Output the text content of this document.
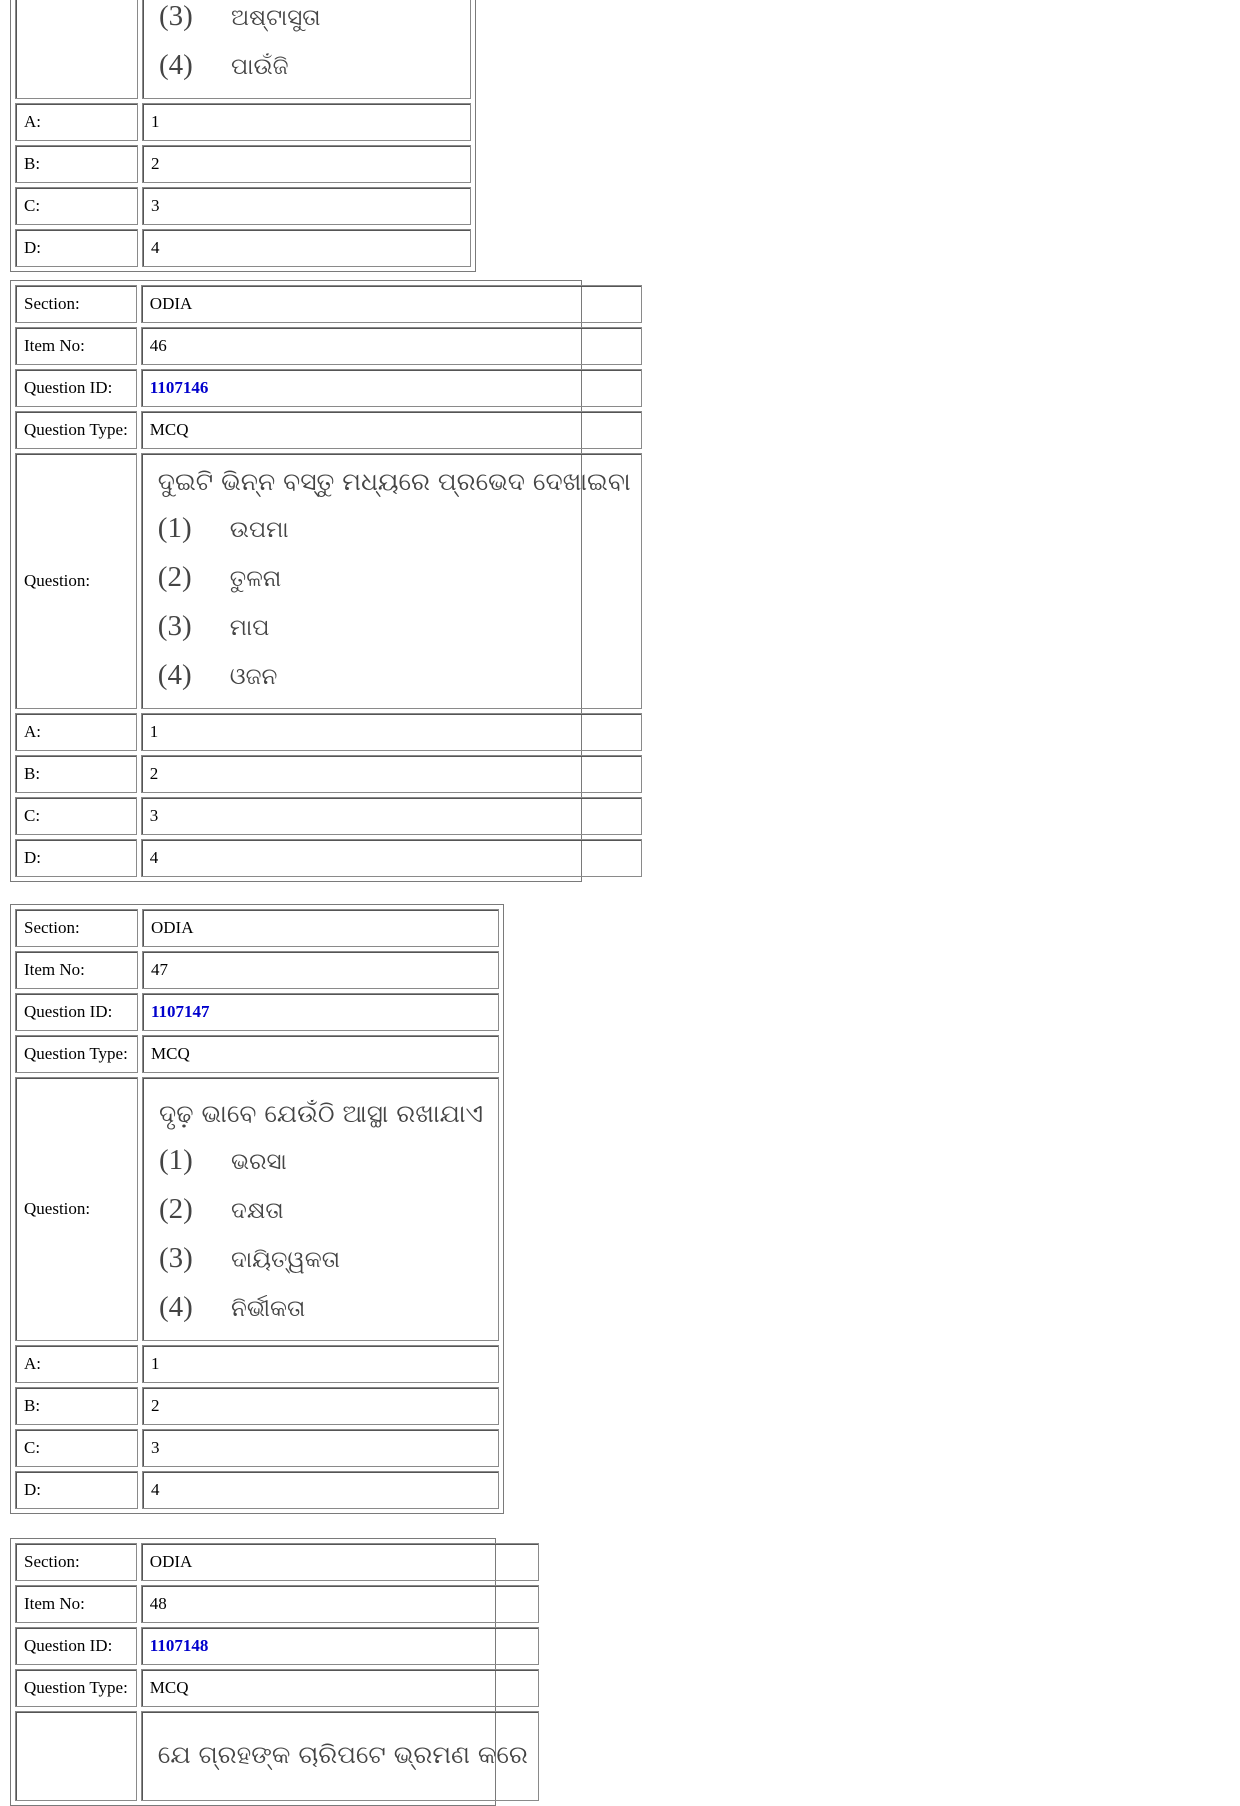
	(3) ଅଷ୍ଟାସୁତା
(4) ପାଉଁଜି

A:	1
B:	2
C:	3
D:	4
Section:	ODIA
Item No:	46
Question ID:	1107146
Question Type:	MCQ
Question:	ଦୁଇଟି ଭିନ୍ନ ବସ୍ତୁ ମଧ୍ୟରେ ପ୍ରଭେଦ ଦେଖାଇବା
(1) ଉପମା
(2) ତୁଳନା
(3) ମାପ
(4) ଓଜନ

A:	1
B:	2
C:	3
D:	4
Section:	ODIA
Item No:	47
Question ID:	1107147
Question Type:	MCQ
Question:	ଦୃଢ଼ ଭାବେ ଯେଉଁଠି ଆସ୍ଥା ରଖାଯାଏ
(1) ଭରସା
(2) ଦକ୍ଷତା
(3) ଦାୟିତ୍ୱକତା
(4) ନିର୍ଭୀକତା

A:	1
B:	2
C:	3
D:	4
Section:	ODIA
Item No:	48
Question ID:	1107148
Question Type:	MCQ

	ଯେ ଗ୍ରହଙ୍କ ଚାରିପଟେ ଭ୍ରମଣ କରେ
